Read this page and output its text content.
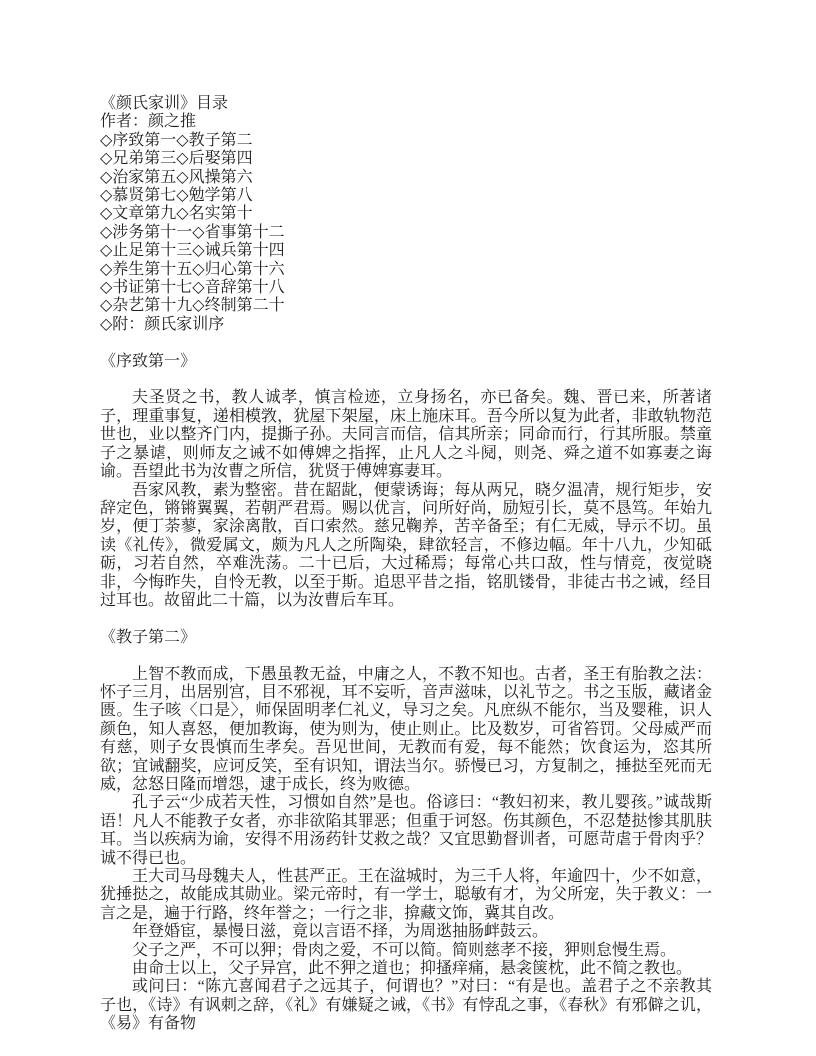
《颜氏家训》目录
作者：颜之推
◇序致第一◇教子第二
◇兄弟第三◇后娶第四
◇治家第五◇风操第六
◇慕贤第七◇勉学第八
◇文章第九◇名实第十
◇涉务第十一◇省事第十二
◇止足第十三◇诫兵第十四
◇养生第十五◇归心第十六
◇书证第十七◇音辞第十八
◇杂艺第十九◇终制第二十
◇附：颜氏家训序
《序致第一》

夫圣贤之书，教人诚孝，慎言检迹，立身扬名，亦已备矣。魏、晋已来，所著诸子，理重事复，递相模敩，犹屋下架屋，床上施床耳。吾今所以复为此者，非敢轨物范世也，业以整齐门内，提撕子孙。夫同言而信，信其所亲；同命而行，行其所服。禁童子之暴谑，则师友之诫不如傅婢之指挥，止凡人之斗阋，则尧、舜之道不如寡妻之诲谕。吾望此书为汝曹之所信，犹贤于傅婢寡妻耳。

吾家风教，素为整密。昔在龆龀，便蒙诱诲；每从两兄，晓夕温凊，规行矩步，安辞定色，锵锵翼翼，若朝严君焉。赐以优言，问所好尚，励短引长，莫不恳笃。年始九岁，便丁荼蓼，家涂离散，百口索然。慈兄鞠养，苦辛备至；有仁无威，导示不切。虽读《礼传》，微爱属文，颇为凡人之所陶染，肆欲轻言，不修边幅。年十八九，少知砥砺，习若自然，卒难洗荡。二十已后，大过稀焉；每常心共口敌，性与情竞，夜觉晓非，今悔昨失，自怜无教，以至于斯。追思平昔之指，铭肌镂骨，非徒古书之诫，经目过耳也。故留此二十篇，以为汝曹后车耳。

《教子第二》

上智不教而成，下愚虽教无益，中庸之人，不教不知也。古者，圣王有胎教之法：怀子三月，出居别宫，目不邪视，耳不妄听，音声滋味，以礼节之。书之玉版，藏诸金匮。生子咳〈口是〉，师保固明孝仁礼义，导习之矣。凡庶纵不能尔，当及婴稚，识人颜色，知人喜怒，便加教诲，使为则为，使止则止。比及数岁，可省笞罚。父母威严而有慈，则子女畏慎而生孝矣。吾见世间，无教而有爱，每不能然；饮食运为，恣其所欲；宜诫翻奖，应诃反笑，至有识知，谓法当尔。骄慢已习，方复制之，捶挞至死而无威，忿怒日隆而增怨，逮于成长，终为败德。

孔子云“少成若天性，习惯如自然”是也。俗谚曰：“教妇初来，教儿婴孩。”诚哉斯语！凡人不能教子女者，亦非欲陷其罪恶；但重于诃怒。伤其颜色，不忍楚挞惨其肌肤耳。当以疾病为谕，安得不用汤药针艾救之哉？又宜思勤督训者，可愿苛虐于骨肉乎？诚不得已也。

王大司马母魏夫人，性甚严正。王在湓城时，为三千人将，年逾四十，少不如意，犹捶挞之，故能成其勋业。梁元帝时，有一学士，聪敏有才，为父所宠，失于教义：一言之是，遍于行路，终年誉之；一行之非，揜藏文饰，冀其自改。

年登婚宦，暴慢日滋，竟以言语不择，为周逖抽肠衅鼓云。

父子之严，不可以狎；骨肉之爱，不可以简。简则慈孝不接，狎则怠慢生焉。

由命士以上，父子异宫，此不狎之道也；抑搔痒痛，悬衾箧枕，此不简之教也。

或问曰：“陈亢喜闻君子之远其子，何谓也？”对曰：“有是也。盖君子之不亲教其子也，《诗》有讽刺之辞，《礼》有嫌疑之诫，《书》有悖乱之事，《春秋》有邪僻之讥，《易》有备物
